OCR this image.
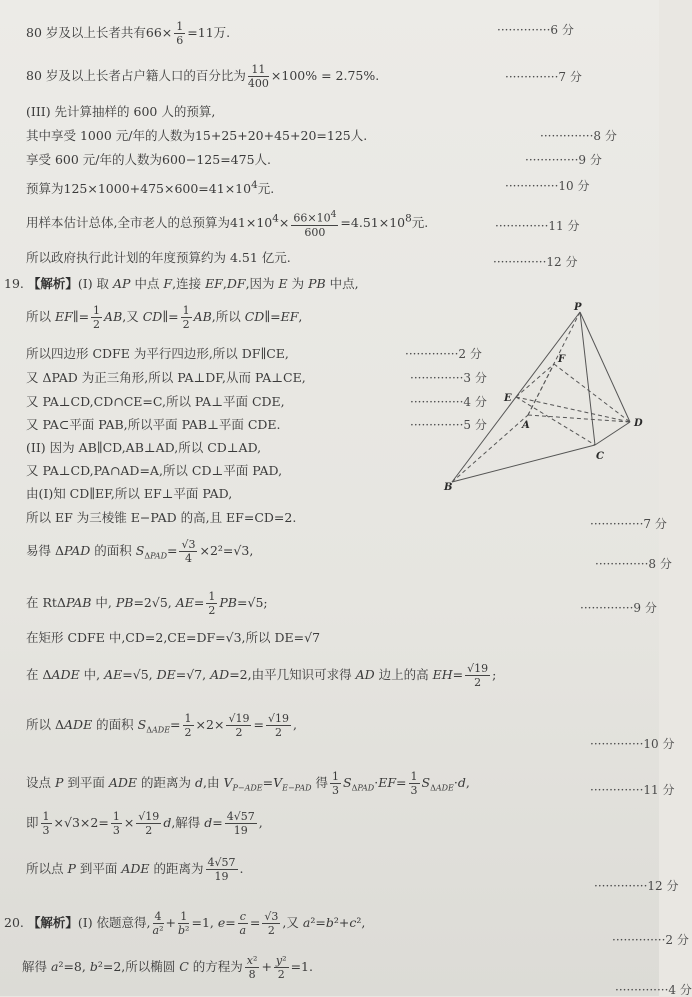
80 岁及以上长者共有$66\times \frac{1}{6} =11$万.	··············6 分
80 岁及以上长者占户籍人口的百分比为 $\frac{11}{400} \times 100\% = 2.75\%$.	··············7 分
(III) 先计算抽样的 600 人的预算,
其中享受 1000 元/年的人数为15+25+20+45+20=125人.	··············8 分
享受 600 元/年的人数为600−125=475人.	··············9 分
预算为$125\times 1000+475\times 600=41\times 10^4$元.	··············10 分
用样本估计总体,全市老人的总预算为$41\times 10^4\times \frac{66\times 10^4}{600} =4.51\times 10^8$元.	··············11 分
所以政府执行此计划的年度预算约为 4.51 亿元.	··············12 分
19. 【解析】(I) 取 AP 中点 F,连接 EF,DF,因为 E 为 PB 中点,
所以 EF∥= $\frac{1}{2}$ AB,又 CD∥= $\frac{1}{2}$ AB,所以 CD∥=EF,
所以四边形 CDFE 为平行四边形,所以 DF∥CE,	··············2 分
又 ΔPAD 为正三角形,所以 PA⊥DF,从而 PA⊥CE,	··············3 分
又 PA⊥CD,CD∩CE=C,所以 PA⊥平面 CDE,	··············4 分
又 PA⊂平面 PAB,所以平面 PAB⊥平面 CDE.	··············5 分
(II) 因为 AB∥CD,AB⊥AD,所以 CD⊥AD,
又 PA⊥CD,PA∩AD=A,所以 CD⊥平面 PAD,
由(I)知 CD∥EF,所以 EF⊥平面 PAD,
所以 EF 为三棱锥 E−PAD 的高,且 EF=CD=2.	··············7 分
易得 ΔPAD 的面积 $S_{\Delta PAD}= \frac{√3}{4} \times 2^2=√3$,
··············8 分
在 RtΔPAB 中, PB=2√5, $AE= \frac{1}{2} PB=√5$;	··············9 分
在矩形 CDFE 中,CD=2,CE=DF=√3,所以 DE=√7
在 ΔADE 中, AE=√5, DE=√7, AD=2,由平几知识可求得 AD 边上的高 $EH= \frac{√19}{2}$ ;
所以 ΔADE 的面积 $S_{\Delta ADE}= \frac{1}{2} \times 2\times \frac{√19}{2} = \frac{√19}{2}$ ,
··············10 分
设点 P 到平面 ADE 的距离为 d,由 $V_{P-ADE}=V_{E-PAD}$ 得 $\frac{1}{3} S_{\Delta PAD}\cdot EF= \frac{1}{3} S_{\Delta ADE}\cdot d$,	··············11 分
即 $\frac{1}{3} \times√3\times 2= \frac{1}{3} \times \frac{√19}{2} d$,解得 $d= \frac{4√57}{19}$ ,
所以点 P 到平面 ADE 的距离为 $\frac{4√57}{19}$ .
··············12 分
20. 【解析】(I) 依题意得, $\frac{4}{\text{a²}} + \frac{1}{\text{b²}} =1$, $e= \frac{c}{a} = \frac{√3}{2}$ ,又 a²=b²+c²,
··············2 分
解得 a²=8, b²=2,所以椭圆 C 的方程为 $\frac{\text{x²}}{8} + \frac{\text{y²}}{2} =1$.
··············4 分
P
F
E
A	D
C
B
